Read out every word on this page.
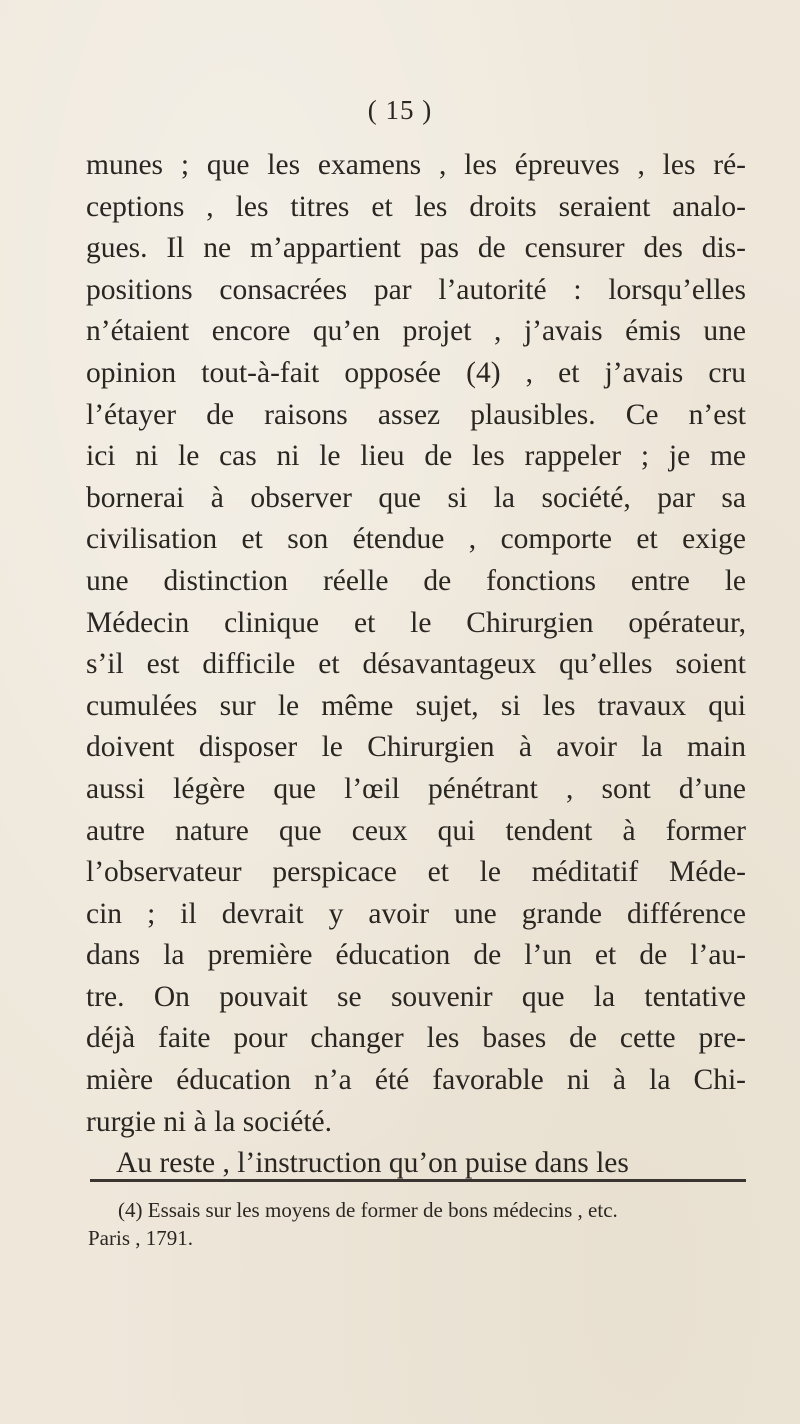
( 15 )
munes ; que les examens , les épreuves , les ré-
ceptions , les titres et les droits seraient analo-
gues. Il ne m’appartient pas de censurer des dis-
positions consacrées par l’autorité : lorsqu’elles
n’étaient encore qu’en projet , j’avais émis une
opinion tout-à-fait opposée (4) , et j’avais cru
l’étayer de raisons assez plausibles. Ce n’est
ici ni le cas ni le lieu de les rappeler ; je me
bornerai à observer que si la société, par sa
civilisation et son étendue , comporte et exige
une distinction réelle de fonctions entre le
Médecin clinique et le Chirurgien opérateur,
s’il est difficile et désavantageux qu’elles soient
cumulées sur le même sujet, si les travaux qui
doivent disposer le Chirurgien à avoir la main
aussi légère que l’œil pénétrant , sont d’une
autre nature que ceux qui tendent à former
l’observateur perspicace et le méditatif Méde-
cin ; il devrait y avoir une grande différence
dans la première éducation de l’un et de l’au-
tre. On pouvait se souvenir que la tentative
déjà faite pour changer les bases de cette pre-
mière éducation n’a été favorable ni à la Chi-
rurgie ni à la société.
Au reste , l’instruction qu’on puise dans les
(4) Essais sur les moyens de former de bons médecins , etc.
Paris , 1791.
